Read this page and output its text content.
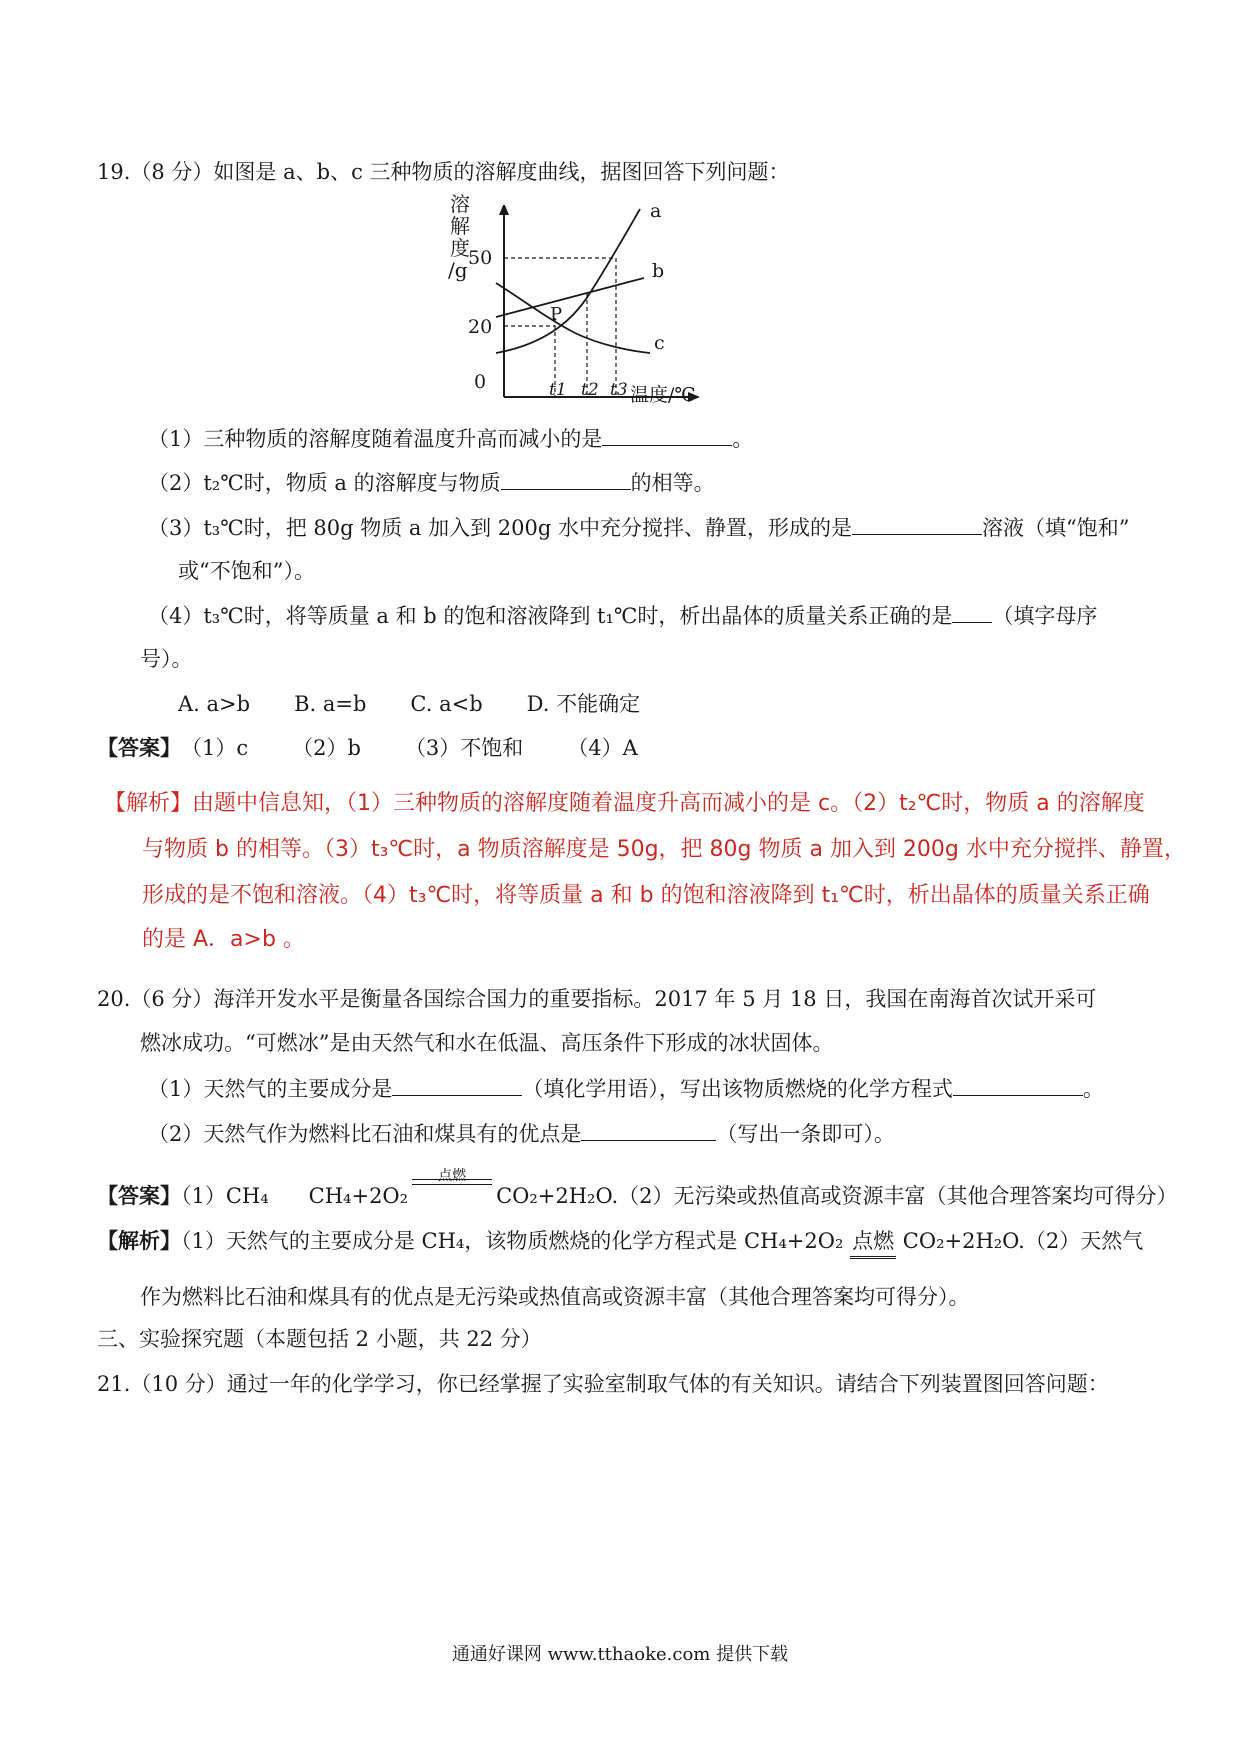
19.（8 分）如图是 a、b、c 三种物质的溶解度曲线，据图回答下列问题：
溶
解
度
/g 50
20
0	t1 t2 t3 温度/℃
a
b
c
P
（1）三种物质的溶解度随着温度升高而减小的是	。
（2）t₂℃时，物质 a 的溶解度与物质	的相等。
（3）t₃℃时，把 80g 物质 a 加入到 200g 水中充分搅拌、静置，形成的是	溶液（填“饱和”
或“不饱和”）。
（4）t₃℃时，将等质量 a 和 b 的饱和溶液降到 t₁℃时，析出晶体的质量关系正确的是 （填字母序
号）。
A. a>b B. a=b C. a<b D. 不能确定
【答案】（1）c （2）b （3）不饱和 （4）A
【解析】由题中信息知，（1）三种物质的溶解度随着温度升高而减小的是 c。（2）t₂℃时，物质 a 的溶解度
与物质 b 的相等。（3）t₃℃时，a 物质溶解度是 50g，把 80g 物质 a 加入到 200g 水中充分搅拌、静置，
形成的是不饱和溶液。（4）t₃℃时，将等质量 a 和 b 的饱和溶液降到 t₁℃时，析出晶体的质量关系正确
的是 A．a>b 。
20.（6 分）海洋开发水平是衡量各国综合国力的重要指标。2017 年 5 月 18 日，我国在南海首次试开采可
燃冰成功。“可燃冰”是由天然气和水在低温、高压条件下形成的冰状固体。
（1）天然气的主要成分是	（填化学用语），写出该物质燃烧的化学方程式	。
（2）天然气作为燃料比石油和煤具有的优点是	（写出一条即可）。
【答案】（1）CH₄ CH₄+2O₂
点燃
CO₂+2H₂O.（2）无污染或热值高或资源丰富（其他合理答案均可得分）
【解析】（1）天然气的主要成分是 CH₄，该物质燃烧的化学方程式是 CH₄+2O₂ 点燃 CO₂+2H₂O.（2）天然气
作为燃料比石油和煤具有的优点是无污染或热值高或资源丰富（其他合理答案均可得分）。
三、实验探究题（本题包括 2 小题，共 22 分）
21.（10 分）通过一年的化学学习，你已经掌握了实验室制取气体的有关知识。请结合下列装置图回答问题：
通通好课网 www.tthaoke.com 提供下载
